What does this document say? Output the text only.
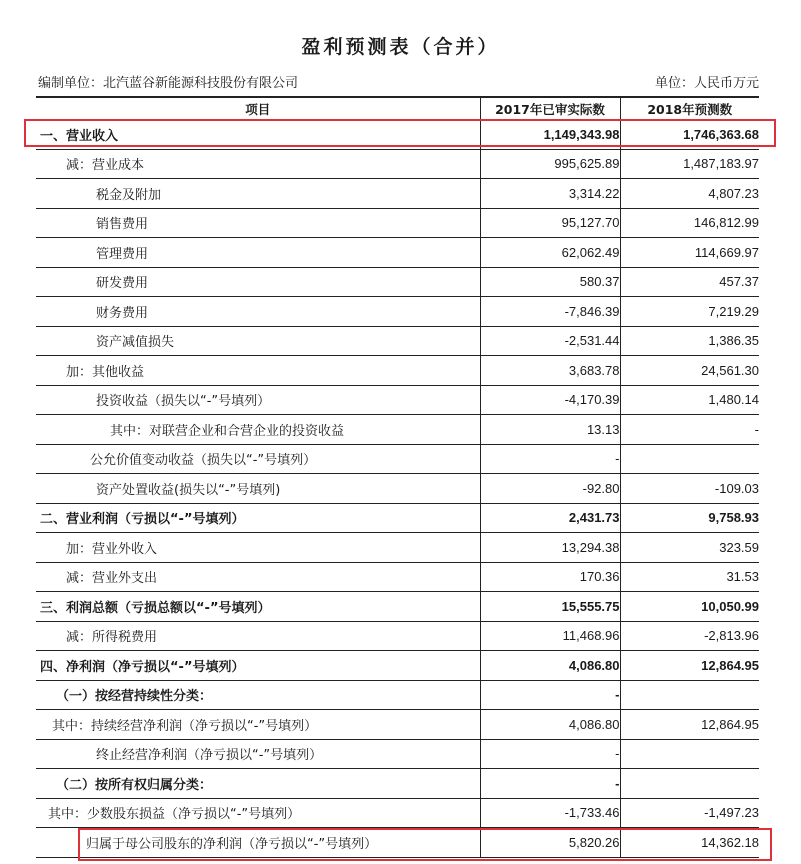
盈利预测表（合并）
编制单位：北汽蓝谷新能源科技股份有限公司	单位：人民币万元
项目	2017年已审实际数	2018年预测数
一、营业收入	1,149,343.98	1,746,363.68
减：营业成本	995,625.89	1,487,183.97
税金及附加	3,314.22	4,807.23
销售费用	95,127.70	146,812.99
管理费用	62,062.49	114,669.97
研发费用	580.37	457.37
财务费用	-7,846.39	7,219.29
资产减值损失	-2,531.44	1,386.35
加：其他收益	3,683.78	24,561.30
投资收益（损失以“-”号填列）	-4,170.39	1,480.14
其中：对联营企业和合营企业的投资收益	13.13	-
公允价值变动收益（损失以“-”号填列）	-	
资产处置收益(损失以“-”号填列)	-92.80	-109.03
二、营业利润（亏损以“-”号填列）	2,431.73	9,758.93
加：营业外收入	13,294.38	323.59
减：营业外支出	170.36	31.53
三、利润总额（亏损总额以“-”号填列）	15,555.75	10,050.99
减：所得税费用	11,468.96	-2,813.96
四、净利润（净亏损以“-”号填列）	4,086.80	12,864.95
（一）按经营持续性分类：	-	
其中：持续经营净利润（净亏损以“-”号填列）	4,086.80	12,864.95
终止经营净利润（净亏损以“-”号填列）	-	
（二）按所有权归属分类：	-	
其中：少数股东损益（净亏损以“-”号填列）	-1,733.46	-1,497.23
归属于母公司股东的净利润（净亏损以“-”号填列）	5,820.26	14,362.18
